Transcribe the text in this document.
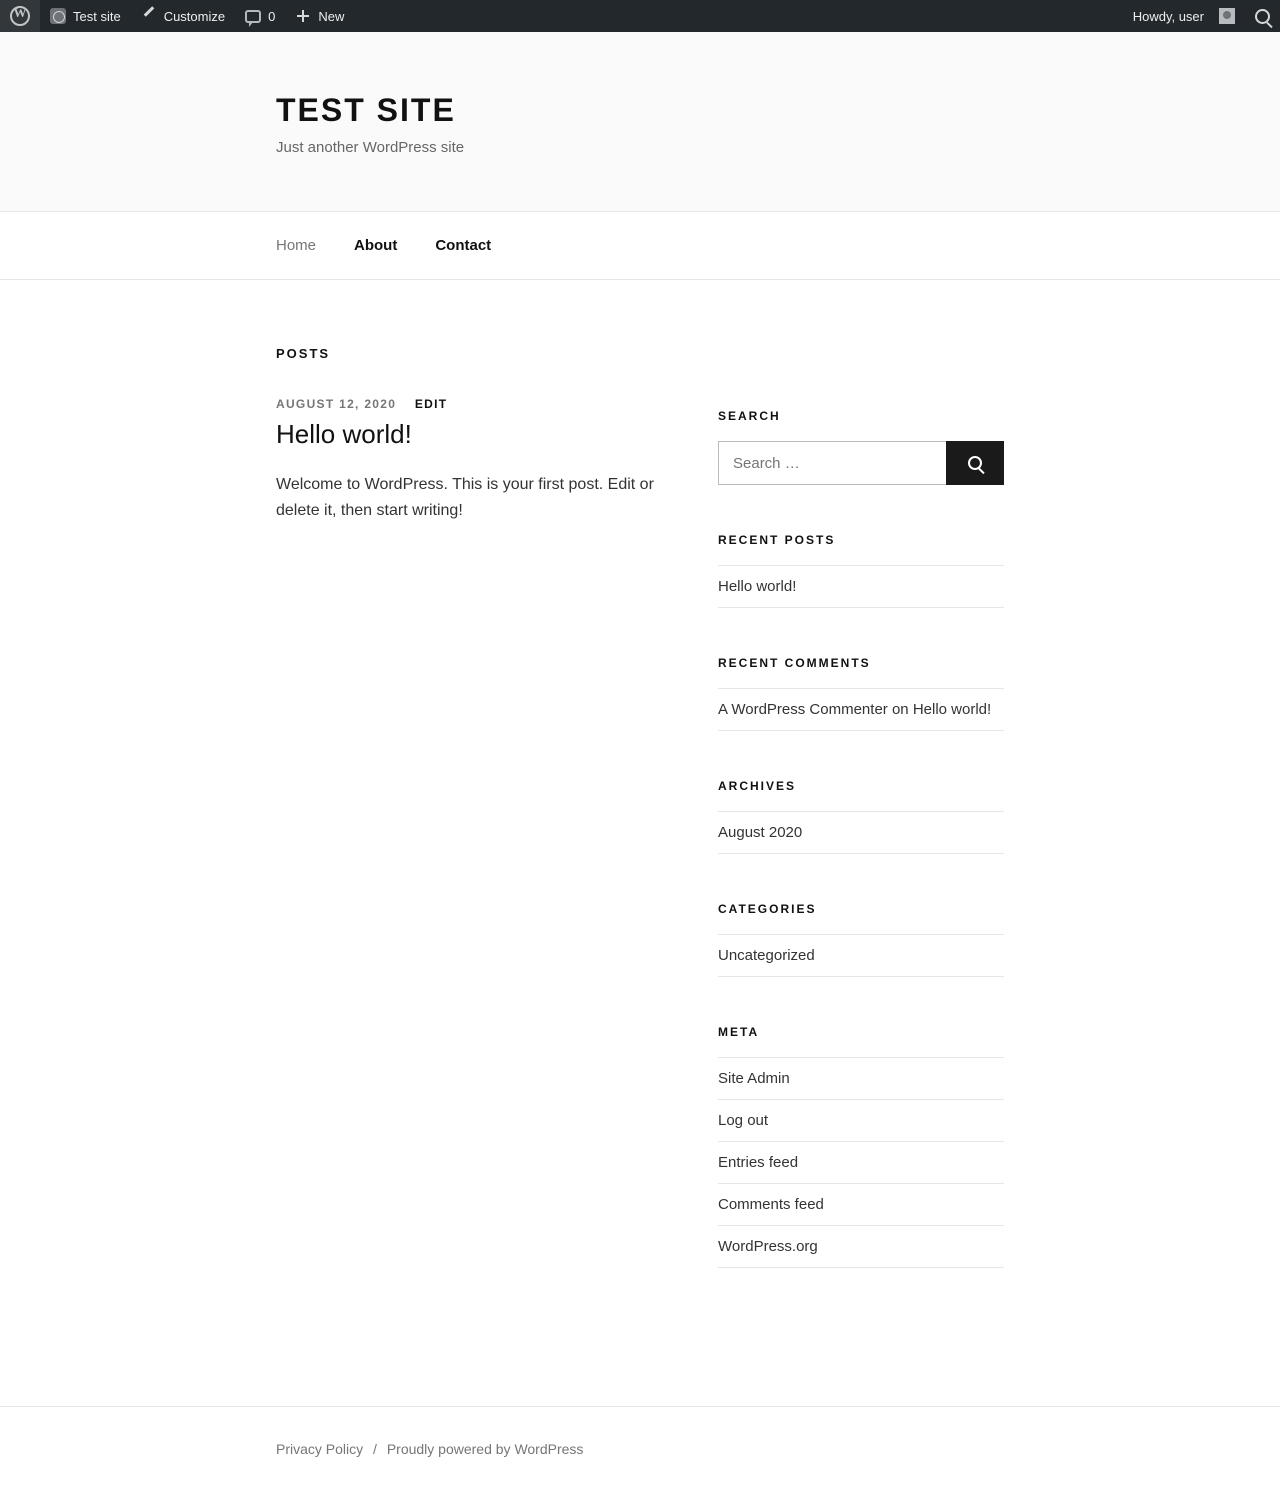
W
Test site	Customize	0	New	Howdy, user
TEST SITE

Just another WordPress site

Home	About	Contact
POSTS
AUGUST 12, 2020 EDIT
Hello world!

Welcome to WordPress. This is your first post. Edit or delete it, then start writing!

SEARCH
Search …
RECENT POSTS
Hello world!
RECENT COMMENTS
A WordPress Commenter on Hello world!
ARCHIVES
August 2020
CATEGORIES
Uncategorized
META
Site Admin
Log out
Entries feed
Comments feed
WordPress.org
Privacy Policy / Proudly powered by WordPress
